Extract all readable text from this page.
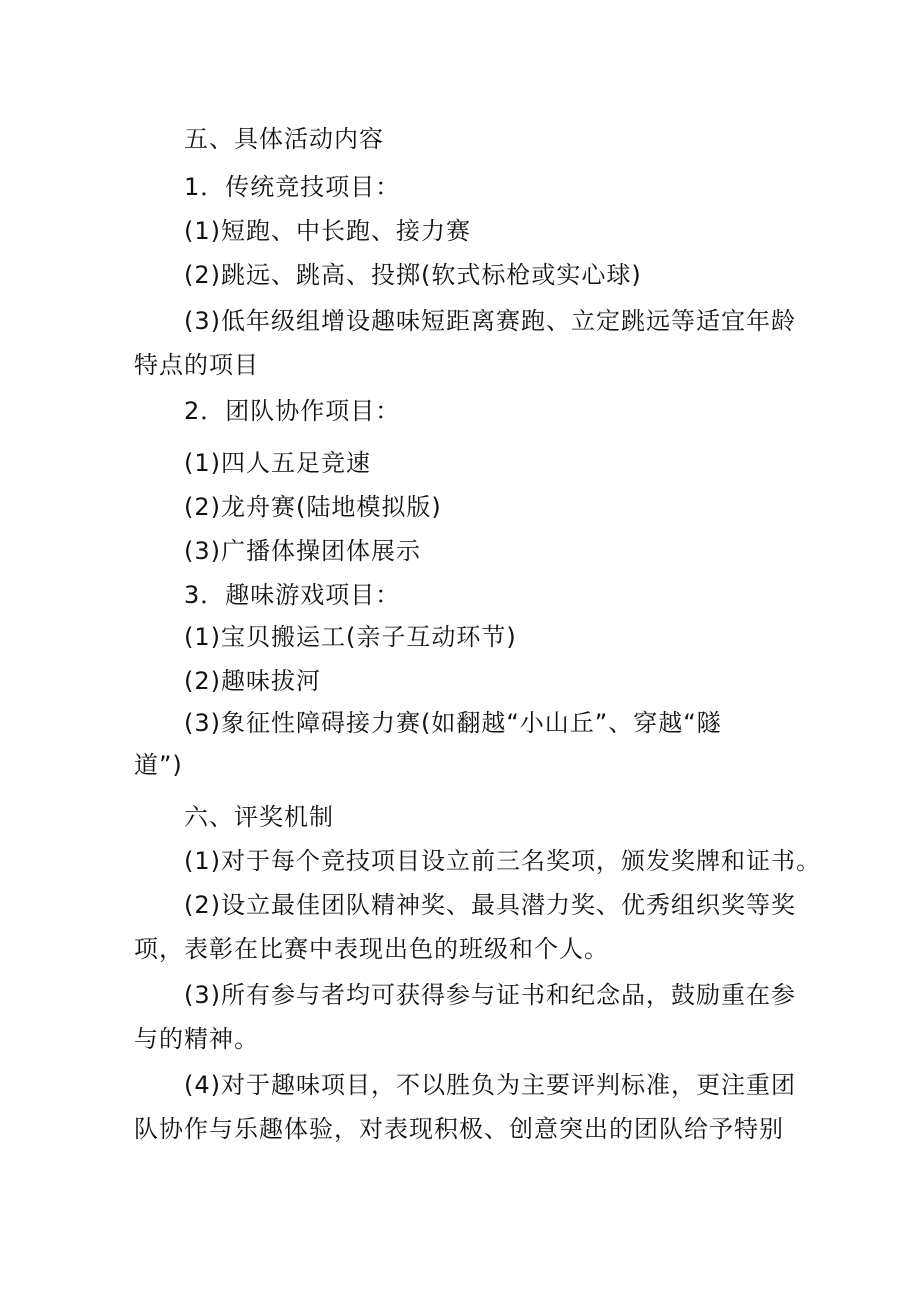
五、具体活动内容
1．传统竞技项目：
(1)短跑、中长跑、接力赛
(2)跳远、跳高、投掷(软式标枪或实心球)
(3)低年级组增设趣味短距离赛跑、立定跳远等适宜年龄
特点的项目
2．团队协作项目：
(1)四人五足竞速
(2)龙舟赛(陆地模拟版)
(3)广播体操团体展示
3．趣味游戏项目：
(1)宝贝搬运工(亲子互动环节)
(2)趣味拔河
(3)象征性障碍接力赛(如翻越“小山丘”、穿越“隧
道”)
六、评奖机制
(1)对于每个竞技项目设立前三名奖项，颁发奖牌和证书。
(2)设立最佳团队精神奖、最具潜力奖、优秀组织奖等奖
项，表彰在比赛中表现出色的班级和个人。
(3)所有参与者均可获得参与证书和纪念品，鼓励重在参
与的精神。
(4)对于趣味项目，不以胜负为主要评判标准，更注重团
队协作与乐趣体验，对表现积极、创意突出的团队给予特别
